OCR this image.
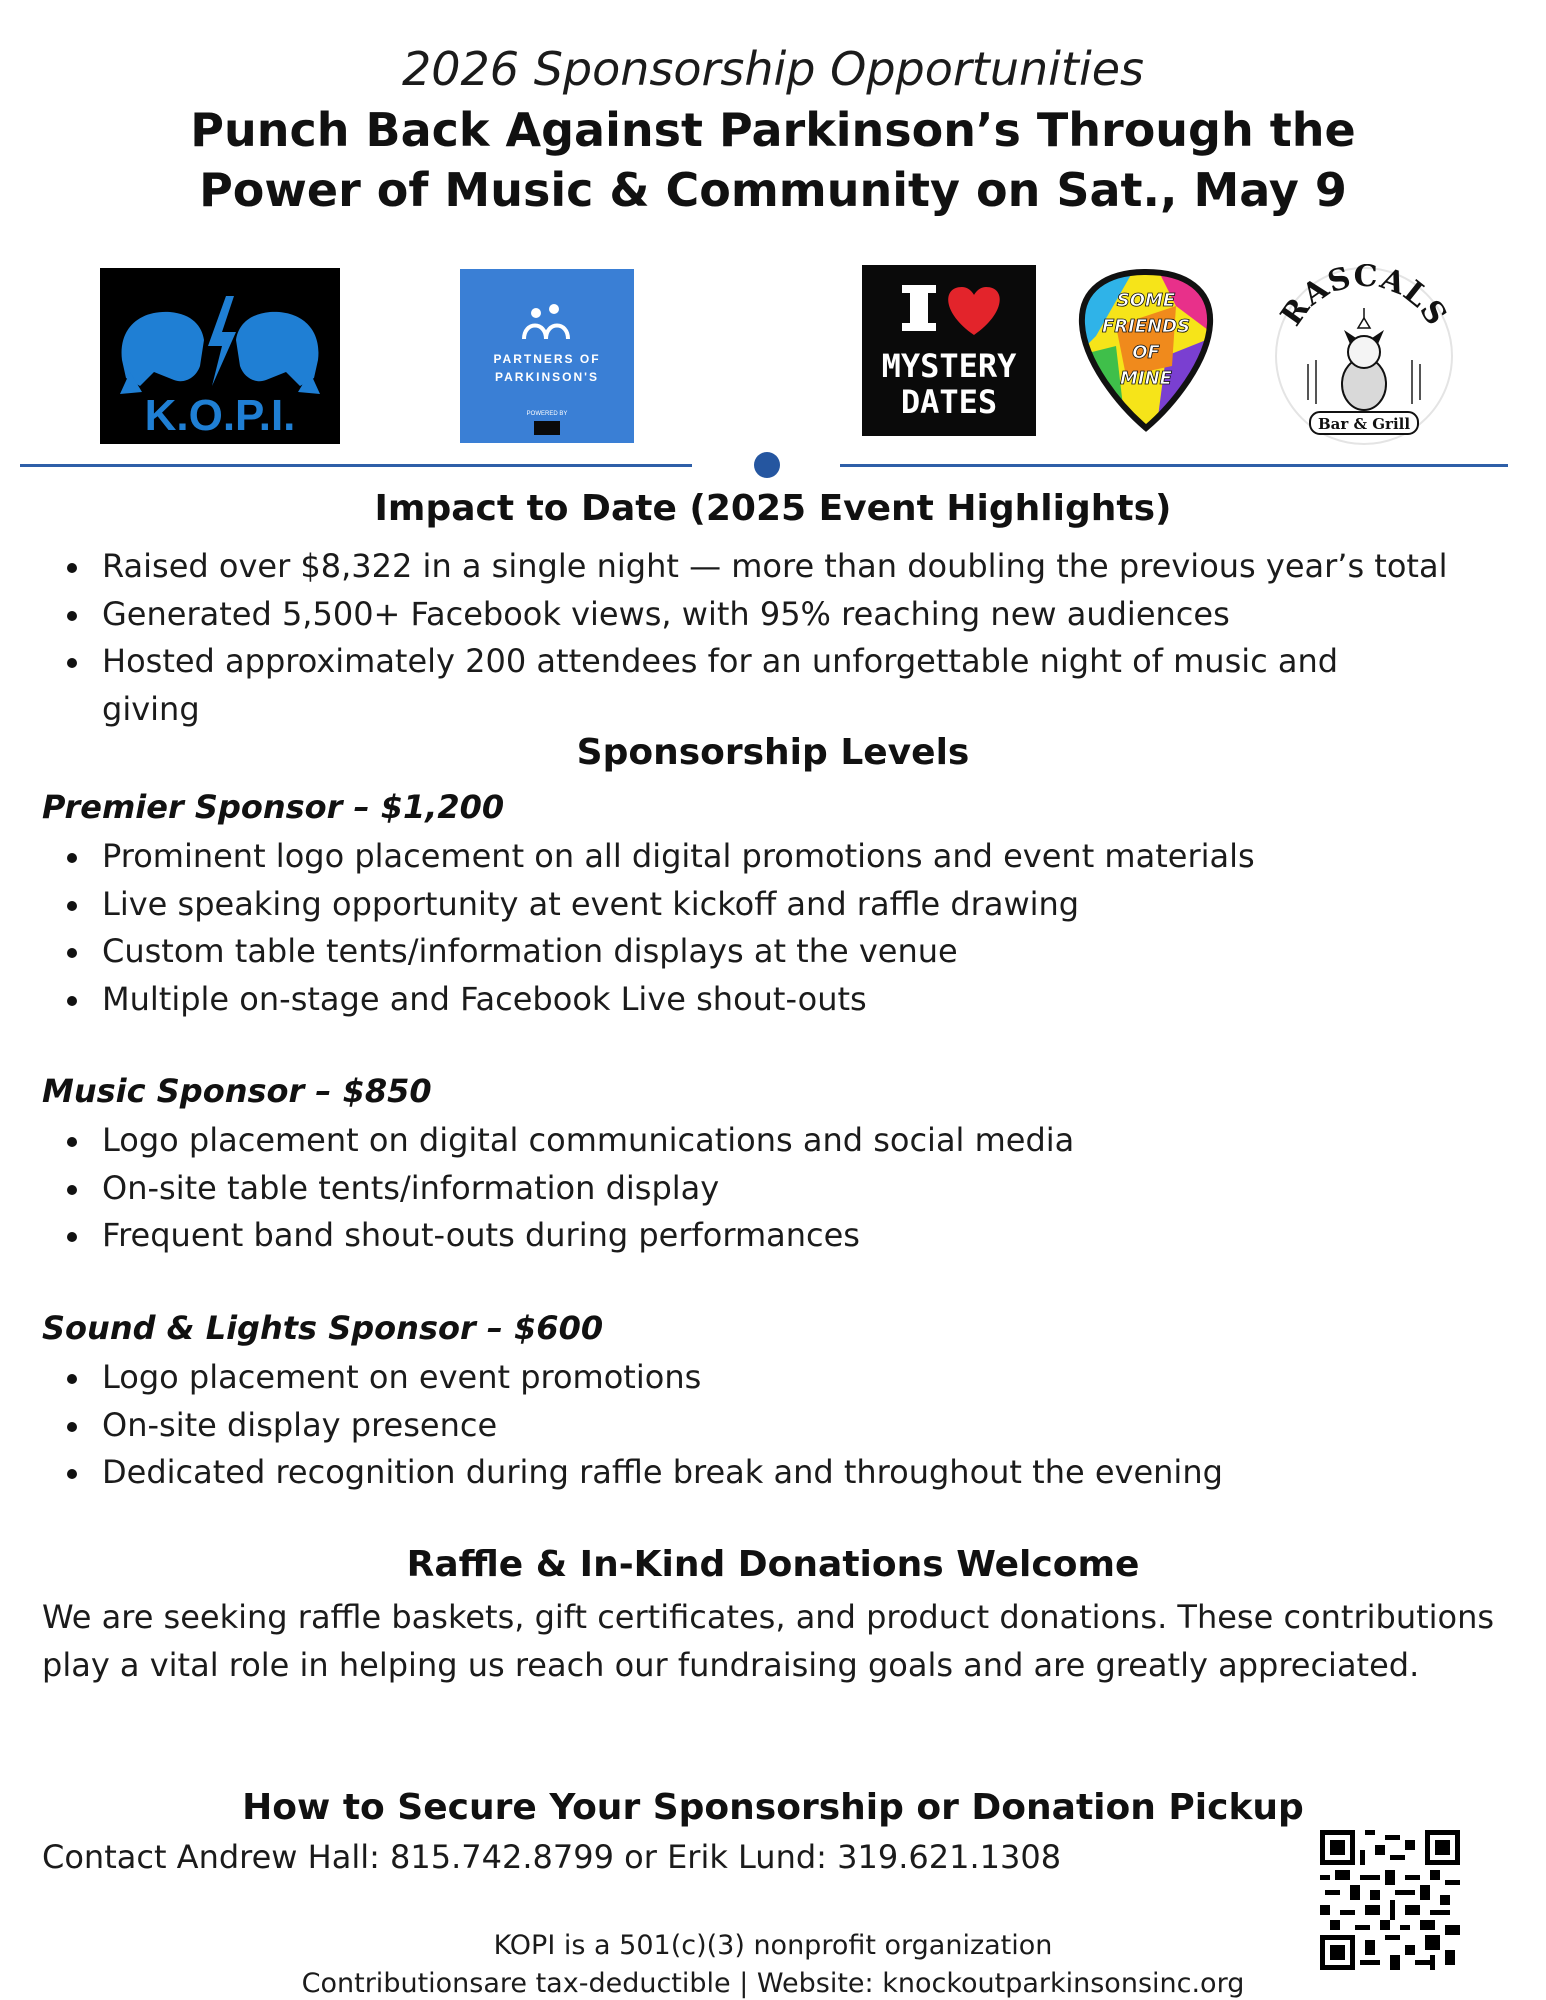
2026 Sponsorship Opportunities
Punch Back Against Parkinson’s Through the
Power of Music & Community on Sat., May 9
K.O.P.I.
PARTNERS OF
PARKINSON'S
POWERED BY
MYSTERY
DATES
SOME
FRIENDS
OF
MINE
RASCALS
Bar & Grill
Impact to Date (2025 Event Highlights)
Raised over $8,322 in a single night — more than doubling the previous year’s total
Generated 5,500+ Facebook views, with 95% reaching new audiences
Hosted approximately 200 attendees for an unforgettable night of music and giving
Sponsorship Levels
Premier Sponsor – $1,200
Prominent logo placement on all digital promotions and event materials
Live speaking opportunity at event kickoff and raffle drawing
Custom table tents/information displays at the venue
Multiple on-stage and Facebook Live shout-outs
Music Sponsor – $850
Logo placement on digital communications and social media
On-site table tents/information display
Frequent band shout-outs during performances
Sound & Lights Sponsor – $600
Logo placement on event promotions
On-site display presence
Dedicated recognition during raffle break and throughout the evening
Raffle & In-Kind Donations Welcome
We are seeking raffle baskets, gift certificates, and product donations. These contributions play a vital role in helping us reach our fundraising goals and are greatly appreciated.
How to Secure Your Sponsorship or Donation Pickup
Contact Andrew Hall: 815.742.8799 or Erik Lund: 319.621.1308
KOPI is a 501(c)(3) nonprofit organization
Contributionsare tax-deductible | Website: knockoutparkinsonsinc.org
